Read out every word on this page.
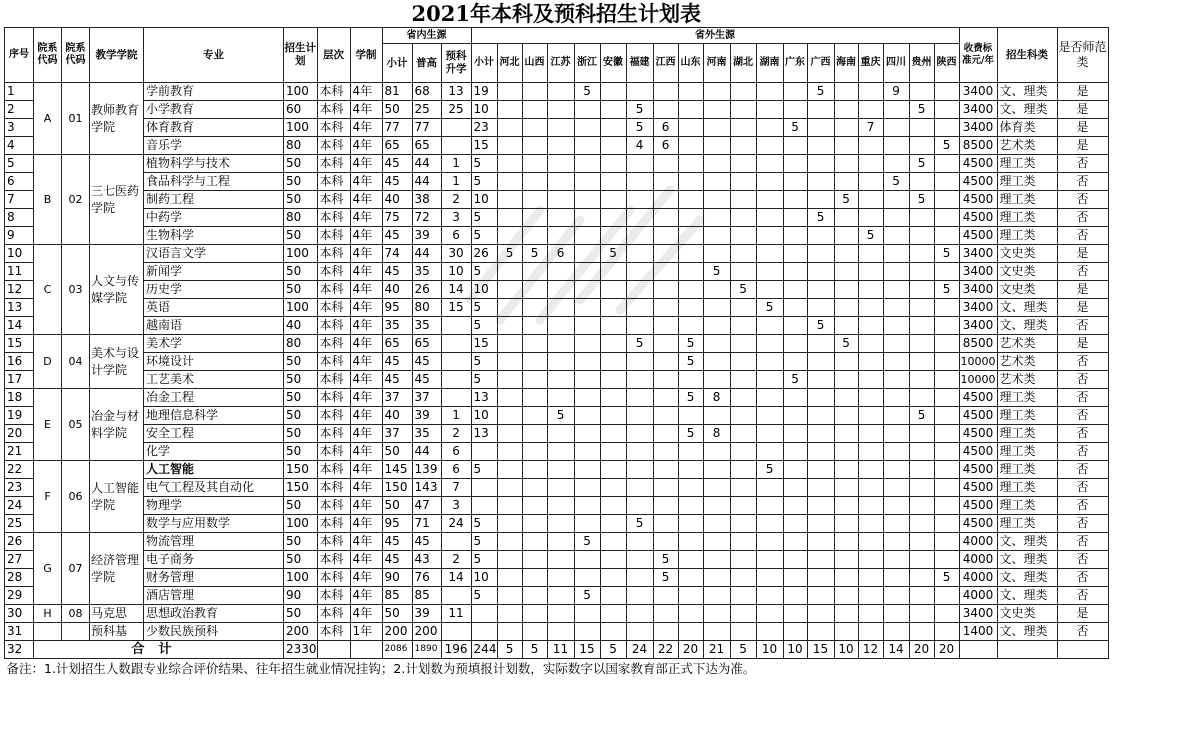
2021年本科及预科招生计划表																																
序号	院系代码	院系代码	教学学院	专业	招生计划	层次	学制	省内生源			省外生源																			收费标准元/年	招生科类	是否师范类
								小计	普高	预科升学	小计	河北	山西	江苏	浙江	安徽	福建	江西	山东	河南	湖北	湖南	广东	广西	海南	重庆	四川	贵州	陕西			
1	A	01	教师教育学院	学前教育	100	本科	4年	81	68	13	19				5									5			9			3400	文、理类	是
2				小学教育	60	本科	4年	50	25	25	10						5											5		3400	文、理类	是
3				体育教育	100	本科	4年	77	77		23						5	6					5			7				3400	体育类	是
4				音乐学	80	本科	4年	65	65		15						4	6											5	8500	艺术类	是
5	B	02	三七医药学院	植物科学与技术	50	本科	4年	45	44	1	5																	5		4500	理工类	否
6				食品科学与工程	50	本科	4年	45	44	1	5																5			4500	理工类	否
7				制药工程	50	本科	4年	40	38	2	10														5			5		4500	理工类	否
8				中药学	80	本科	4年	75	72	3	5													5						4500	理工类	否
9				生物科学	50	本科	4年	45	39	6	5															5				4500	理工类	否
10	C	03	人文与传媒学院	汉语言文学	100	本科	4年	74	44	30	26	5	5	6		5													5	3400	文史类	是
11				新闻学	50	本科	4年	45	35	10	5									5										3400	文史类	否
12				历史学	50	本科	4年	40	26	14	10										5								5	3400	文史类	是
13				英语	100	本科	4年	95	80	15	5											5								3400	文、理类	是
14				越南语	40	本科	4年	35	35		5													5						3400	文、理类	否
15	D	04	美术与设计学院	美术学	80	本科	4年	65	65		15						5		5						5					8500	艺术类	是
16				环境设计	50	本科	4年	45	45		5								5											10000	艺术类	否
17				工艺美术	50	本科	4年	45	45		5												5							10000	艺术类	否
18	E	05	冶金与材料学院	冶金工程	50	本科	4年	37	37		13								5	8										4500	理工类	否
19				地理信息科学	50	本科	4年	40	39	1	10			5														5		4500	理工类	否
20				安全工程	50	本科	4年	37	35	2	13								5	8										4500	理工类	否
21				化学	50	本科	4年	50	44	6																				4500	理工类	否
22	F	06	人工智能学院	人工智能	150	本科	4年	145	139	6	5											5								4500	理工类	否
23				电气工程及其自动化	150	本科	4年	150	143	7																				4500	理工类	否
24				物理学	50	本科	4年	50	47	3																				4500	理工类	否
25				数学与应用数学	100	本科	4年	95	71	24	5						5													4500	理工类	否
26	G	07	经济管理学院	物流管理	50	本科	4年	45	45		5				5															4000	文、理类	否
27				电子商务	50	本科	4年	45	43	2	5							5												4000	文、理类	否
28				财务管理	100	本科	4年	90	76	14	10							5											5	4000	文、理类	否
29				酒店管理	90	本科	4年	85	85		5				5															4000	文、理类	否
30	H	08	马克思	思想政治教育	50	本科	4年	50	39	11																				3400	文史类	是
31			预科基	少数民族预科	200	本科	1年	200	200																					1400	文、理类	否
32	合计				2330			2086	1890	196	244	5	5	11	15	5	24	22	20	21	5	10	10	15	10	12	14	20	20			
备注：1.计划招生人数跟专业综合评价结果、往年招生就业情况挂钩；2.计划数为预填报计划数，实际数字以国家教育部正式下达为准。																																
